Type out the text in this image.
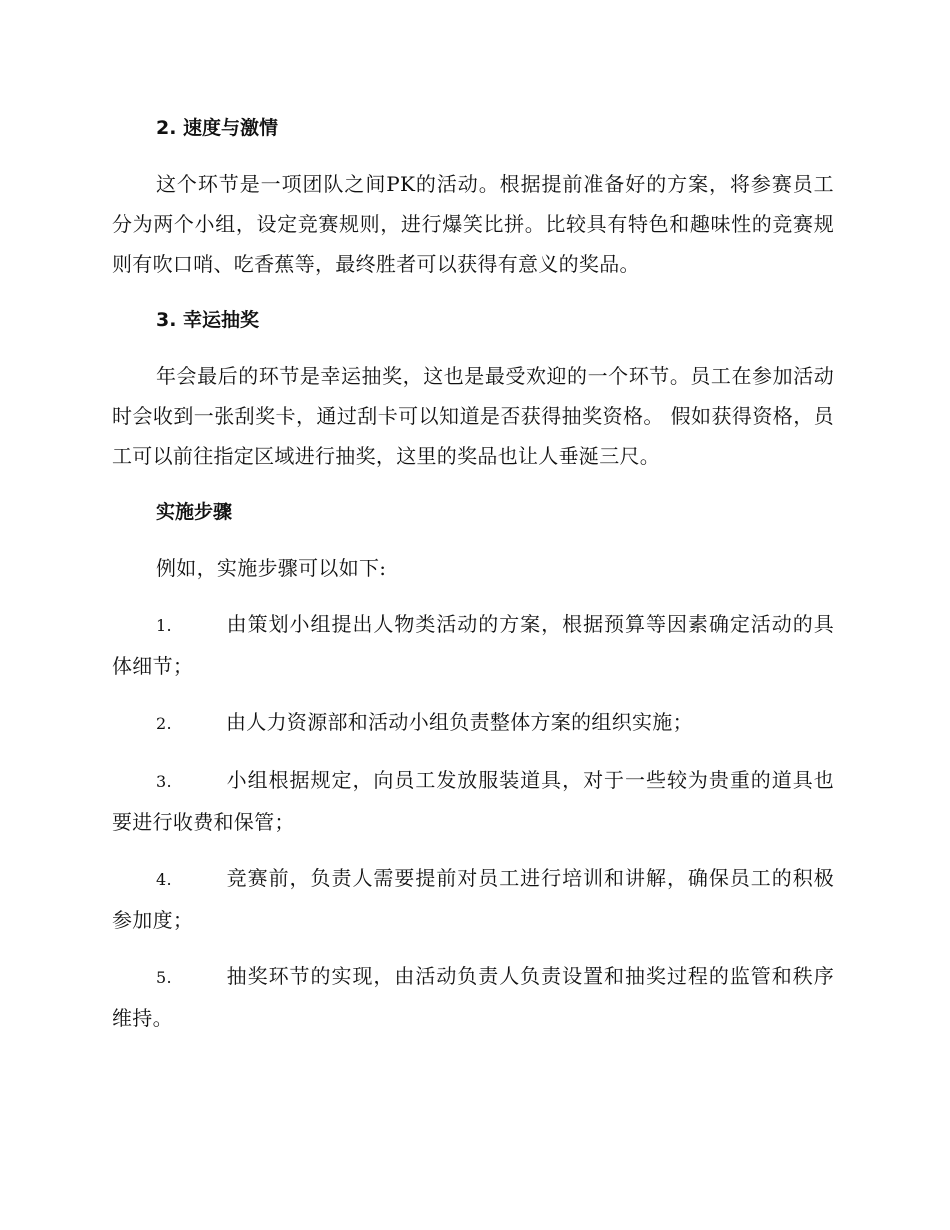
2. 速度与激情

这个环节是一项团队之间PK的活动。根据提前准备好的方案，将参赛员工分为两个小组，设定竞赛规则，进行爆笑比拼。比较具有特色和趣味性的竞赛规则有吹口哨、吃香蕉等，最终胜者可以获得有意义的奖品。

3. 幸运抽奖

年会最后的环节是幸运抽奖，这也是最受欢迎的一个环节。员工在参加活动时会收到一张刮奖卡，通过刮卡可以知道是否获得抽奖资格。 假如获得资格，员工可以前往指定区域进行抽奖，这里的奖品也让人垂涎三尺。

实施步骤

例如，实施步骤可以如下:

1.	由策划小组提出人物类活动的方案，根据预算等因素确定活动的具体细节；

2.	由人力资源部和活动小组负责整体方案的组织实施；

3.	小组根据规定，向员工发放服装道具，对于一些较为贵重的道具也要进行收费和保管；

4.	竞赛前，负责人需要提前对员工进行培训和讲解，确保员工的积极参加度；

5.	抽奖环节的实现，由活动负责人负责设置和抽奖过程的监管和秩序维持。
